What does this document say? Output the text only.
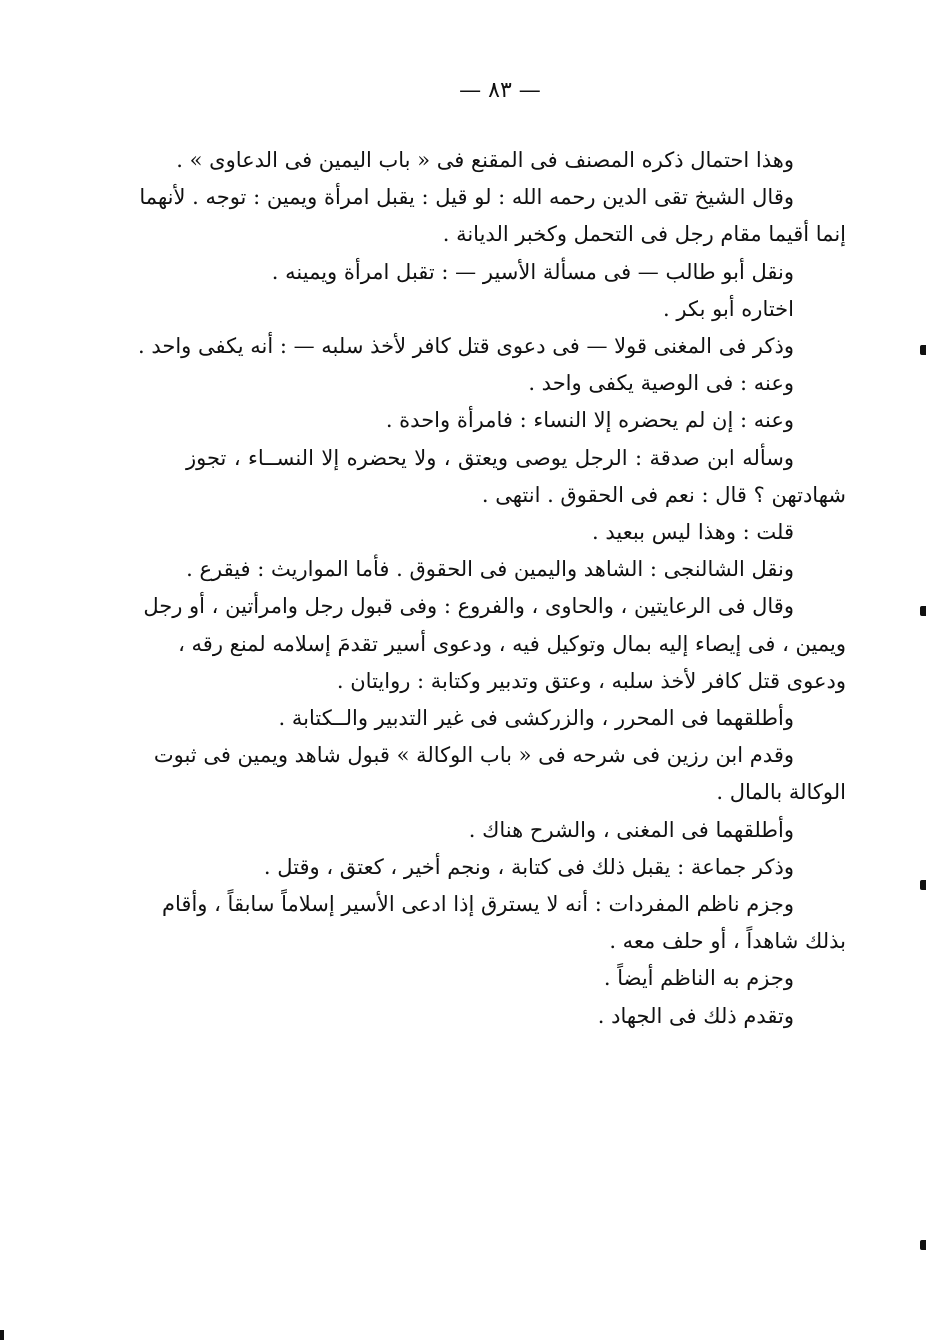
— ٨٣ —
وهذا احتمال ذكره المصنف فى المقنع فى « باب اليمين فى الدعاوى » .
وقال الشيخ تقى الدين رحمه الله : لو قيل : يقبل امرأة ويمين : توجه . لأنهما
إنما أقيما مقام رجل فى التحمل وكخبر الديانة .
ونقل أبو طالب — فى مسألة الأسير — : تقبل امرأة ويمينه .
اختاره أبو بكر .
وذكر فى المغنى قولا — فى دعوى قتل كافر لأخذ سلبه — : أنه يكفى واحد .
وعنه : فى الوصية يكفى واحد .
وعنه : إن لم يحضره إلا النساء : فامرأة واحدة .
وسأله ابن صدقة : الرجل يوصى ويعتق ، ولا يحضره إلا النســاء ، تجوز
شهادتهن ؟ قال : نعم فى الحقوق . انتهى .
قلت : وهذا ليس ببعيد .
ونقل الشالنجى : الشاهد واليمين فى الحقوق . فأما المواريث : فيقرع .
وقال فى الرعايتين ، والحاوى ، والفروع : وفى قبول رجل وامرأتين ، أو رجل
ويمين ، فى إيصاء إليه بمال وتوكيل فيه ، ودعوى أسير تقدمَ إسلامه لمنع رقه ،
ودعوى قتل كافر لأخذ سلبه ، وعتق وتدبير وكتابة : روايتان .
وأطلقهما فى المحرر ، والزركشى فى غير التدبير والــكتابة .
وقدم ابن رزين فى شرحه فى « باب الوكالة » قبول شاهد ويمين فى ثبوت
الوكالة بالمال .
وأطلقهما فى المغنى ، والشرح هناك .
وذكر جماعة : يقبل ذلك فى كتابة ، ونجم أخير ، كعتق ، وقتل .
وجزم ناظم المفردات : أنه لا يسترق إذا ادعى الأسير إسلاماً سابقاً ، وأقام
بذلك شاهداً ، أو حلف معه .
وجزم به الناظم أيضاً .
وتقدم ذلك فى الجهاد .
